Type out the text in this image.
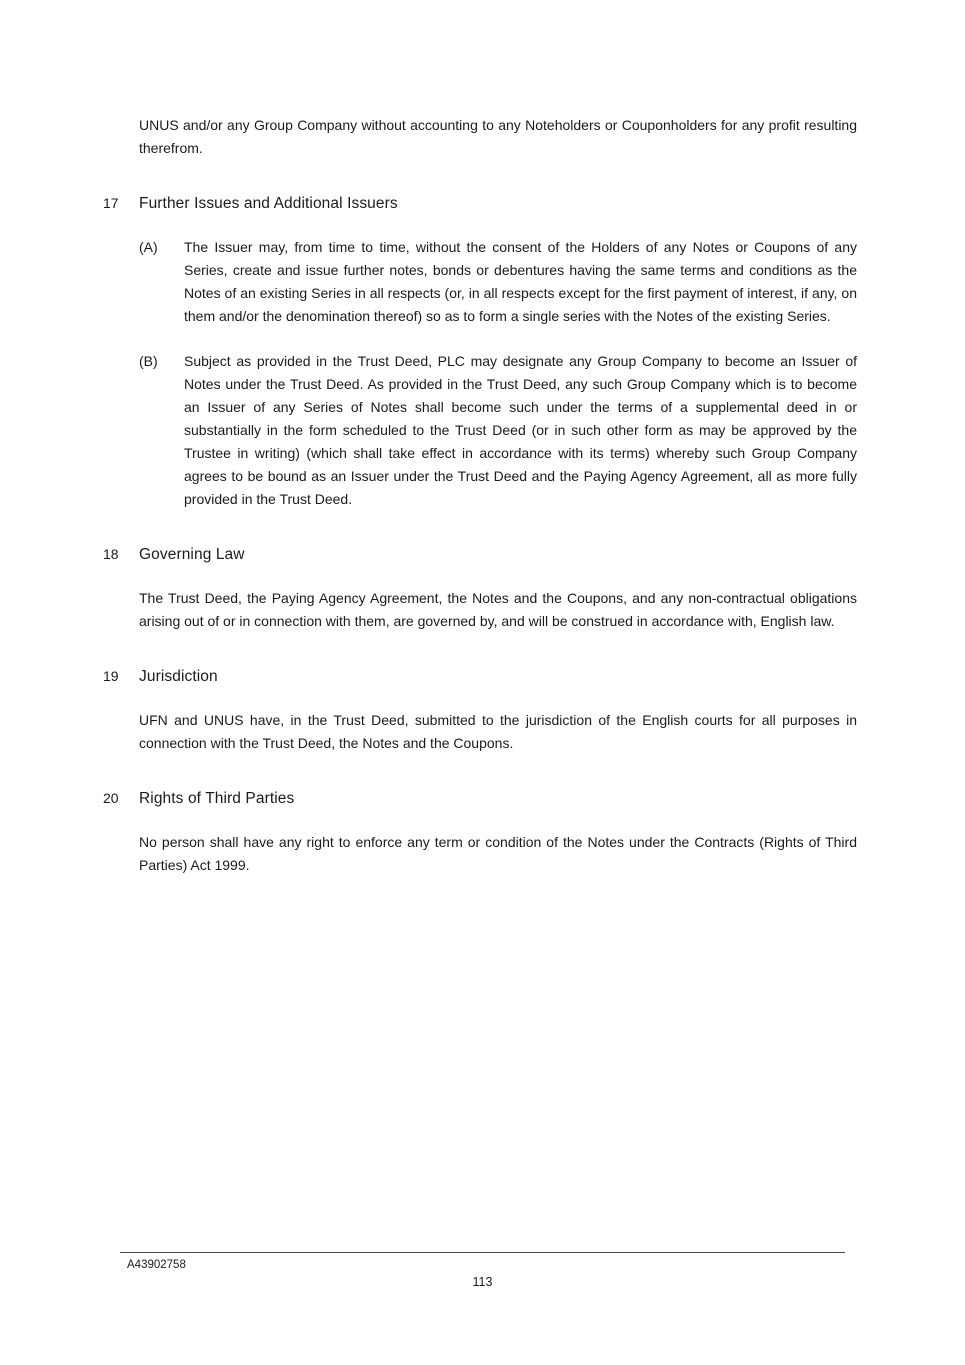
UNUS and/or any Group Company without accounting to any Noteholders or Couponholders for any profit resulting therefrom.

17	Further Issues and Additional Issuers
(A)	The Issuer may, from time to time, without the consent of the Holders of any Notes or Coupons of any Series, create and issue further notes, bonds or debentures having the same terms and conditions as the Notes of an existing Series in all respects (or, in all respects except for the first payment of interest, if any, on them and/or the denomination thereof) so as to form a single series with the Notes of the existing Series.

(B)	Subject as provided in the Trust Deed, PLC may designate any Group Company to become an Issuer of Notes under the Trust Deed. As provided in the Trust Deed, any such Group Company which is to become an Issuer of any Series of Notes shall become such under the terms of a supplemental deed in or substantially in the form scheduled to the Trust Deed (or in such other form as may be approved by the Trustee in writing) (which shall take effect in accordance with its terms) whereby such Group Company agrees to be bound as an Issuer under the Trust Deed and the Paying Agency Agreement, all as more fully provided in the Trust Deed.

18	Governing Law

The Trust Deed, the Paying Agency Agreement, the Notes and the Coupons, and any non-contractual obligations arising out of or in connection with them, are governed by, and will be construed in accordance with, English law.

19	Jurisdiction

UFN and UNUS have, in the Trust Deed, submitted to the jurisdiction of the English courts for all purposes in connection with the Trust Deed, the Notes and the Coupons.

20	Rights of Third Parties

No person shall have any right to enforce any term or condition of the Notes under the Contracts (Rights of Third Parties) Act 1999.

A43902758
113
